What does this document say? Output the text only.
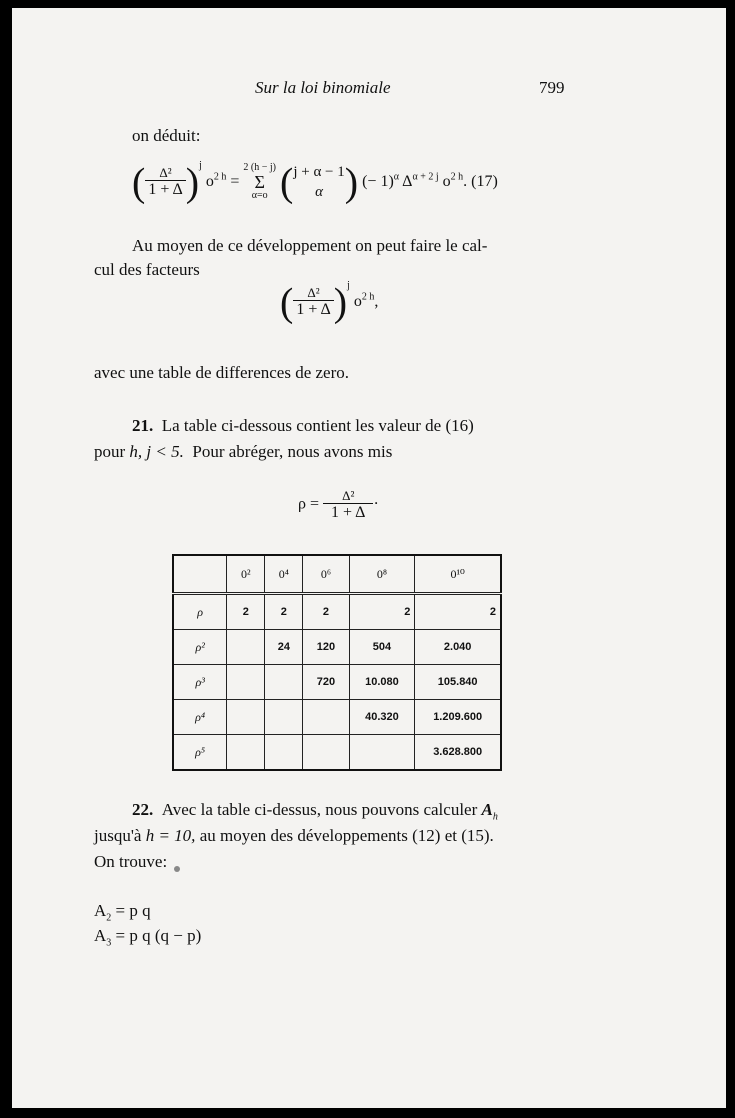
Sur la loi binomiale	799
on déduit:
( $\frac{\text{Δ²}}{1 + \Delta} )^j$ $o^{2 h}$ =
2 (h − j)
Σ
α=o ( j + α − 1
α ) (− 1)$^\alpha$ $\Delta^{\alpha + 2 j}$ $o^{2 h}$. (17)
Au moyen de ce développement on peut faire le cal-
cul des facteurs
( $\frac{\text{Δ²}}{1 + \Delta} )^j$ $o^{2 h}$,
avec une table de differences de zero.
21. La table ci-dessous contient les valeur de (16)
pour h, j < 5. Pour abréger, nous avons mis
$\rho = \frac{\text{Δ²}}{1 + \Delta}$ ·
	0²	0⁴	0⁶	0⁸	0¹⁰
ρ	2	2	2	2	2
ρ²		24	120	504	2.040
ρ³			720	10.080	105.840
ρ⁴				40.320	1.209.600
ρ⁵					3.628.800
22. Avec la table ci-dessus, nous pouvons calculer $A_h$
jusqu'à h = 10, au moyen des développements (12) et (15).
On trouve:
$A_2 = p$ q
$A_3 = p$ q (q − p)
